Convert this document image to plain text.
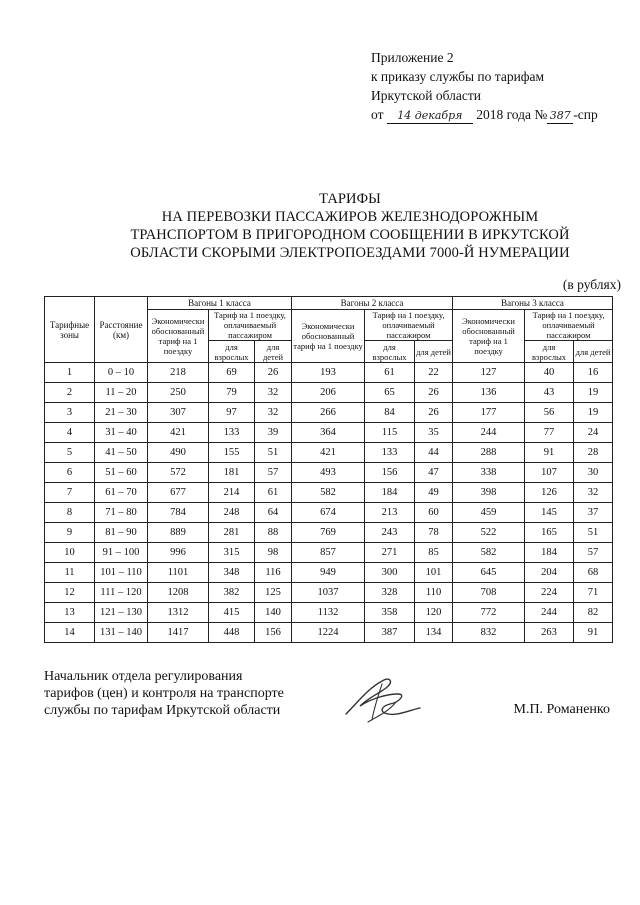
Приложение 2
к приказу службы по тарифам
Иркутской области
от 14 декабря 2018 года № 387 -спр
ТАРИФЫ
НА ПЕРЕВОЗКИ ПАССАЖИРОВ ЖЕЛЕЗНОДОРОЖНЫМ
ТРАНСПОРТОМ В ПРИГОРОДНОМ СООБЩЕНИИ В ИРКУТСКОЙ
ОБЛАСТИ СКОРЫМИ ЭЛЕКТРОПОЕЗДАМИ 7000-Й НУМЕРАЦИИ
(в рублях)
Тарифные зоны	Расстояние (км)	Вагоны 1 класса			Вагоны 2 класса			Вагоны 3 класса		
		Экономически обоснованный тариф на 1 поездку	Тариф на 1 поездку, оплачиваемый пассажиром		Экономически обоснованный тариф на 1 поездку	Тариф на 1 поездку, оплачиваемый пассажиром		Экономически обоснованный тариф на 1 поездку	Тариф на 1 поездку, оплачиваемый пассажиром	
			для взрослых	для детей		для взрослых	для детей		для взрослых	для детей
1	0 – 10	218	69	26	193	61	22	127	40	16
2	11 – 20	250	79	32	206	65	26	136	43	19
3	21 – 30	307	97	32	266	84	26	177	56	19
4	31 – 40	421	133	39	364	115	35	244	77	24
5	41 – 50	490	155	51	421	133	44	288	91	28
6	51 – 60	572	181	57	493	156	47	338	107	30
7	61 – 70	677	214	61	582	184	49	398	126	32
8	71 – 80	784	248	64	674	213	60	459	145	37
9	81 – 90	889	281	88	769	243	78	522	165	51
10	91 – 100	996	315	98	857	271	85	582	184	57
11	101 – 110	1101	348	116	949	300	101	645	204	68
12	111 – 120	1208	382	125	1037	328	110	708	224	71
13	121 – 130	1312	415	140	1132	358	120	772	244	82
14	131 – 140	1417	448	156	1224	387	134	832	263	91
Начальник отдела регулирования
тарифов (цен) и контроля на транспорте
службы по тарифам Иркутской области	М.П. Романенко
